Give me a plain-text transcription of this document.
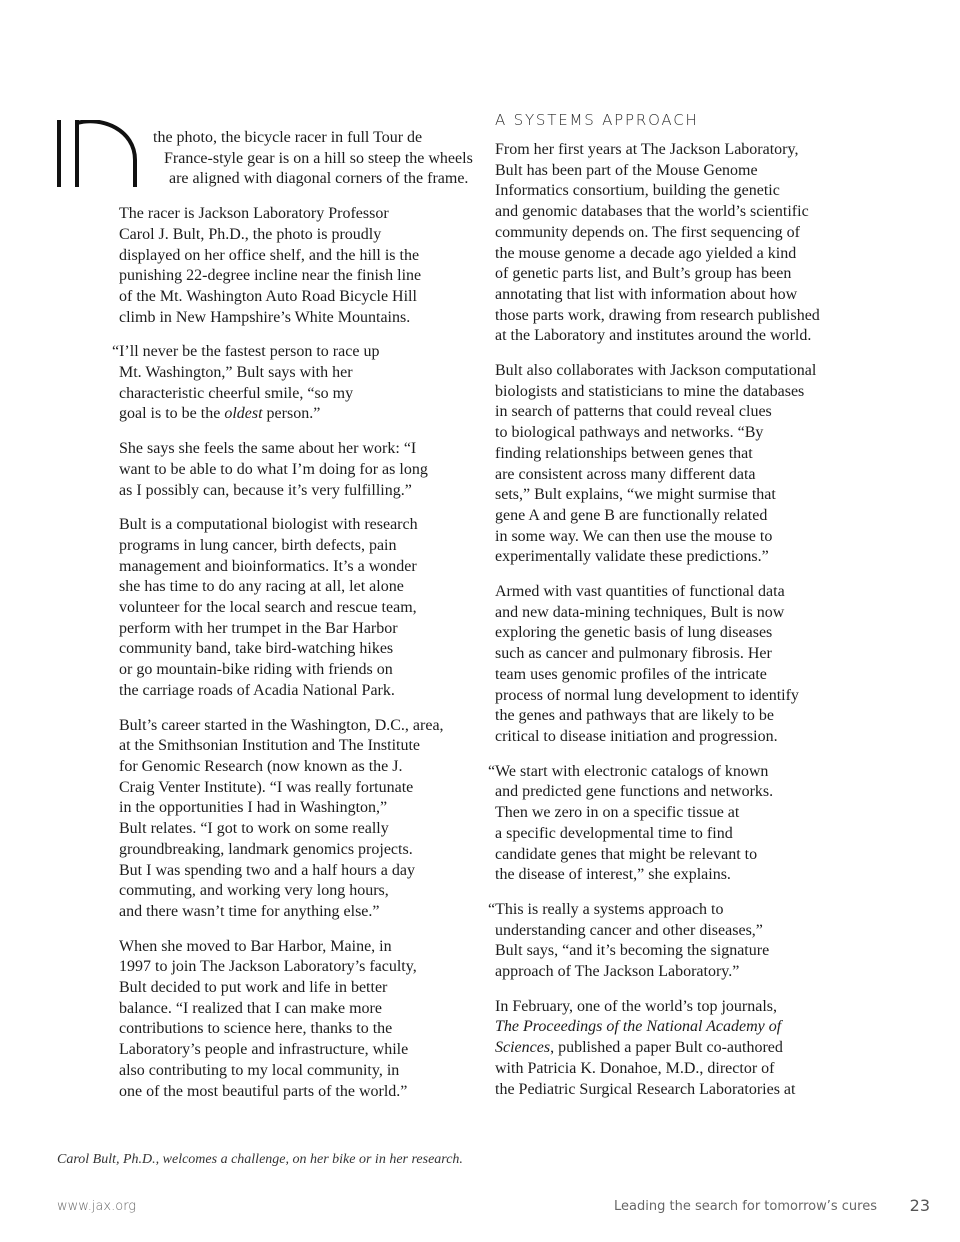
the photo, the bicycle racer in full Tour de
France-style gear is on a hill so steep the wheels
are aligned with diagonal corners of the frame.
The racer is Jackson Laboratory Professor
Carol J. Bult, Ph.D., the photo is proudly
displayed on her office shelf, and the hill is the
punishing 22-degree incline near the finish line
of the Mt. Washington Auto Road Bicycle Hill
climb in New Hampshire’s White Mountains.
“I’ll never be the fastest person to race up
Mt. Washington,” Bult says with her
characteristic cheerful smile, “so my
goal is to be the oldest person.”
She says she feels the same about her work: “I
want to be able to do what I’m doing for as long
as I possibly can, because it’s very fulfilling.”
Bult is a computational biologist with research
programs in lung cancer, birth defects, pain
management and bioinformatics. It’s a wonder
she has time to do any racing at all, let alone
volunteer for the local search and rescue team,
perform with her trumpet in the Bar Harbor
community band, take bird-watching hikes
or go mountain-bike riding with friends on
the carriage roads of Acadia National Park.
Bult’s career started in the Washington, D.C., area,
at the Smithsonian Institution and The Institute
for Genomic Research (now known as the J.
Craig Venter Institute). “I was really fortunate
in the opportunities I had in Washington,”
Bult relates. “I got to work on some really
groundbreaking, landmark genomics projects.
But I was spending two and a half hours a day
commuting, and working very long hours,
and there wasn’t time for anything else.”
When she moved to Bar Harbor, Maine, in
1997 to join The Jackson Laboratory’s faculty,
Bult decided to put work and life in better
balance. “I realized that I can make more
contributions to science here, thanks to the
Laboratory’s people and infrastructure, while
also contributing to my local community, in
one of the most beautiful parts of the world.”
A SYSTEMS APPROACH
From her first years at The Jackson Laboratory,
Bult has been part of the Mouse Genome
Informatics consortium, building the genetic
and genomic databases that the world’s scientific
community depends on. The first sequencing of
the mouse genome a decade ago yielded a kind
of genetic parts list, and Bult’s group has been
annotating that list with information about how
those parts work, drawing from research published
at the Laboratory and institutes around the world.
Bult also collaborates with Jackson computational
biologists and statisticians to mine the databases
in search of patterns that could reveal clues
to biological pathways and networks. “By
finding relationships between genes that
are consistent across many different data
sets,” Bult explains, “we might surmise that
gene A and gene B are functionally related
in some way. We can then use the mouse to
experimentally validate these predictions.”
Armed with vast quantities of functional data
and new data-mining techniques, Bult is now
exploring the genetic basis of lung diseases
such as cancer and pulmonary fibrosis. Her
team uses genomic profiles of the intricate
process of normal lung development to identify
the genes and pathways that are likely to be
critical to disease initiation and progression.
“We start with electronic catalogs of known
and predicted gene functions and networks.
Then we zero in on a specific tissue at
a specific developmental time to find
candidate genes that might be relevant to
the disease of interest,” she explains.
“This is really a systems approach to
understanding cancer and other diseases,”
Bult says, “and it’s becoming the signature
approach of The Jackson Laboratory.”
In February, one of the world’s top journals,
The Proceedings of the National Academy of
Sciences, published a paper Bult co-authored
with Patricia K. Donahoe, M.D., director of
the Pediatric Surgical Research Laboratories at
Carol Bult, Ph.D., welcomes a challenge, on her bike or in her research.
www.jax.org	Leading the search for tomorrow’s cures 23
